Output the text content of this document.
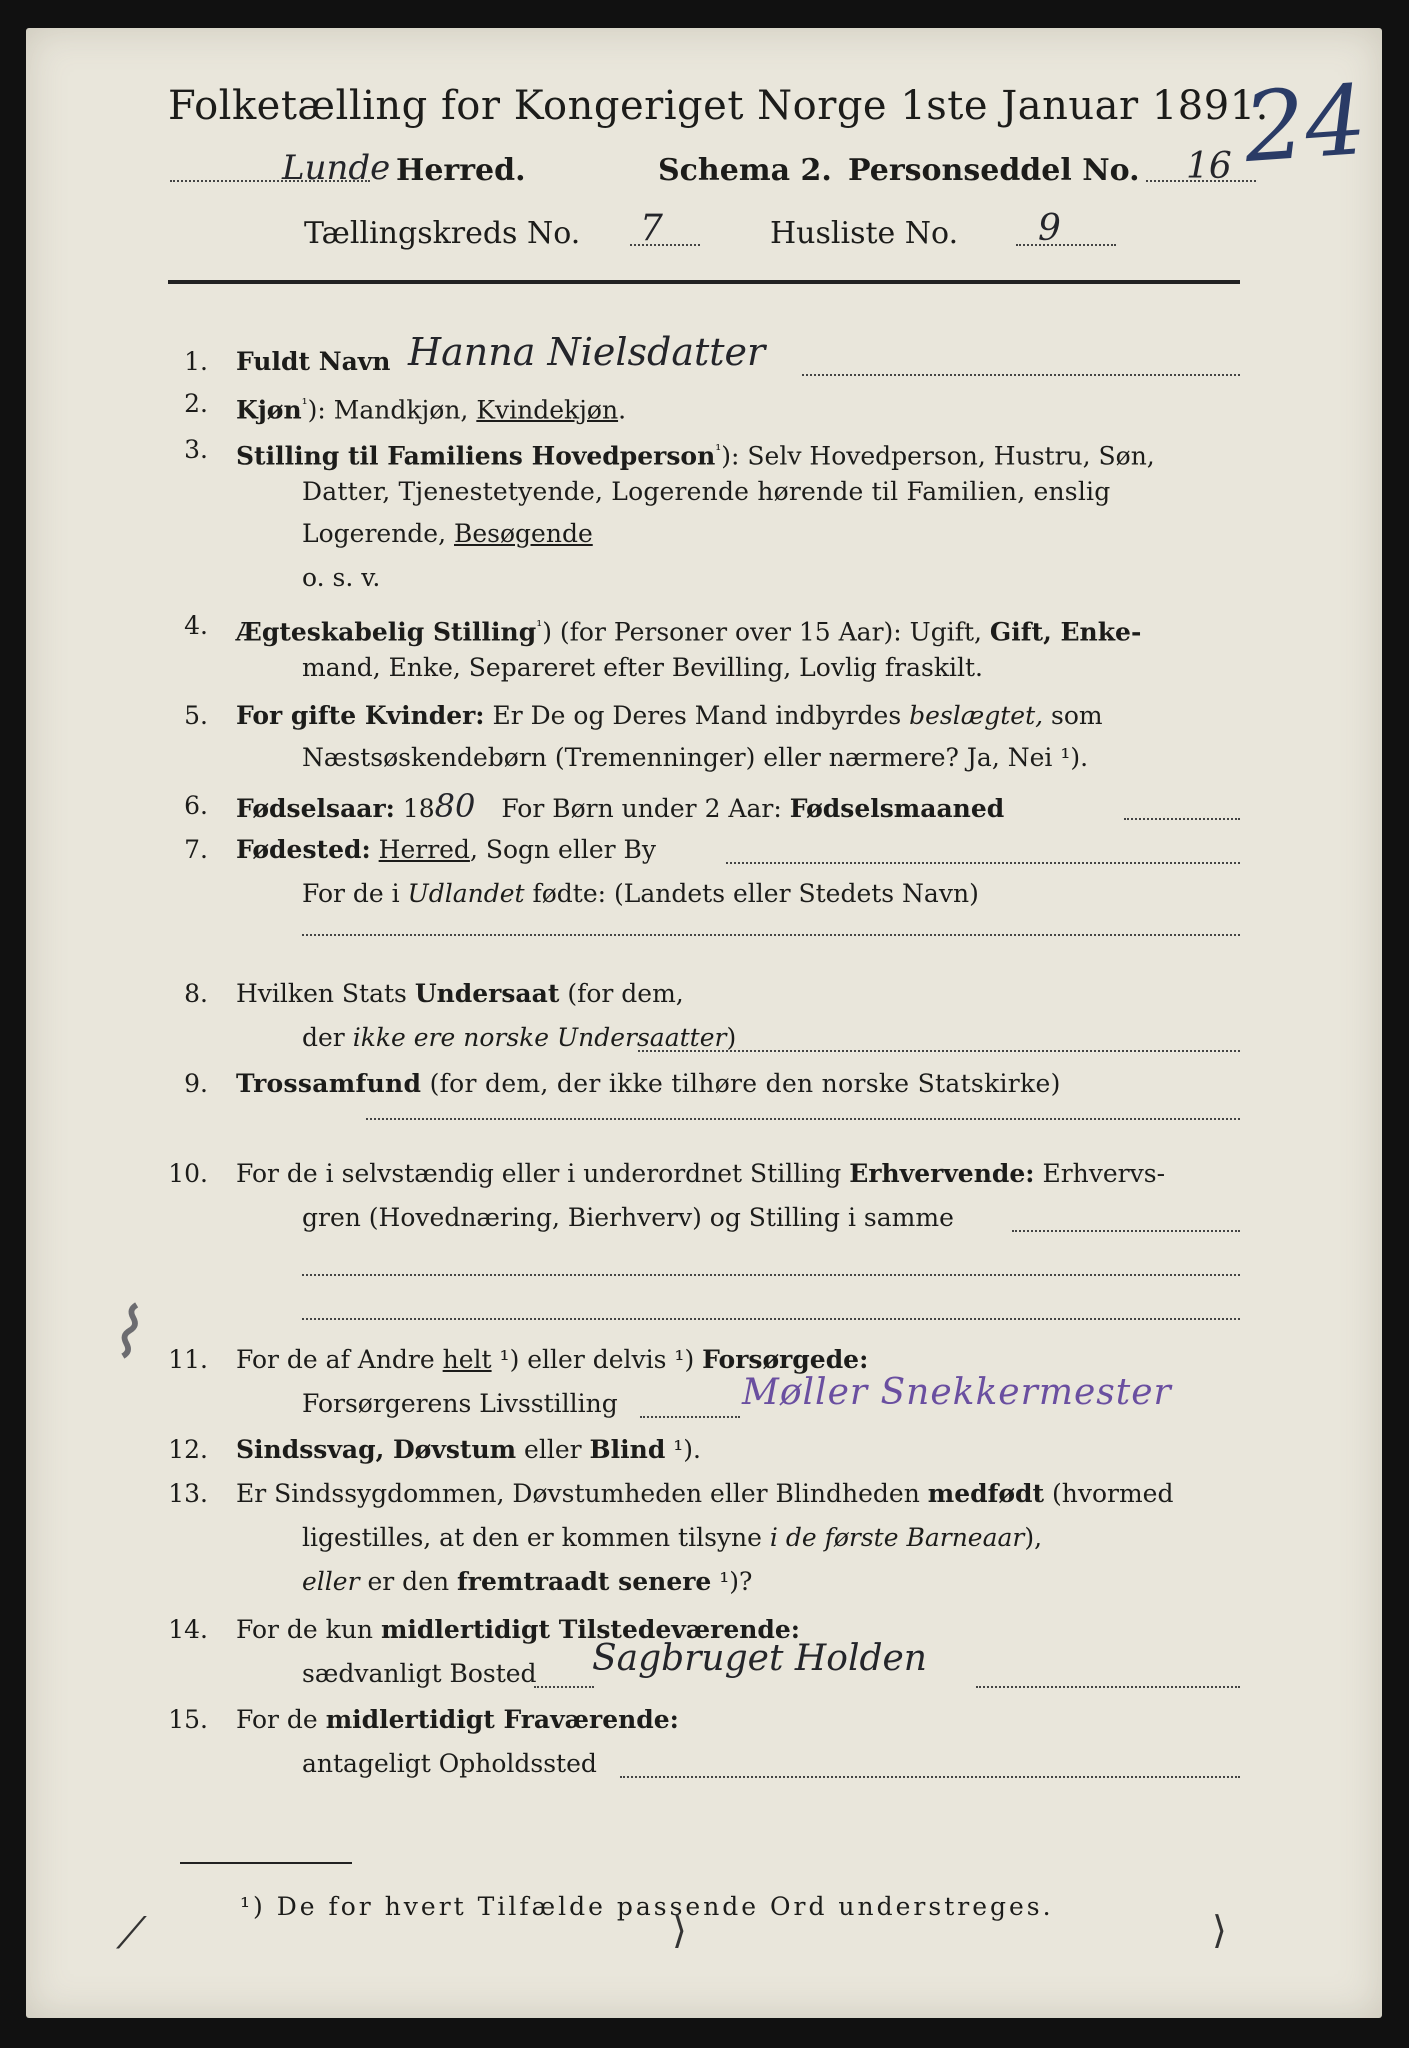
Folketælling for Kongeriget Norge 1ste Januar 1891.
24
Lunde Herred.	Schema 2. Personseddel No. 16
Tællingskreds No. 7	Husliste No. 9
1. Fuldt Navn Hanna Nielsdatter
2. Kjøn$^{^1}$): Mandkjøn, Kvindekjøn.
3. Stilling til Familiens Hovedperson$^{^1}$): Selv Hovedperson, Hustru, Søn,
Datter, Tjenestetyende, Logerende hørende til Familien, enslig
Logerende, Besøgende
o. s. v.
4. Ægteskabelig Stilling$^{^1}$) (for Personer over 15 Aar): Ugift, Gift, Enke-
mand, Enke, Separeret efter Bevilling, Lovlig fraskilt.
5. For gifte Kvinder: Er De og Deres Mand indbyrdes beslægtet, som
Næstsøskendebørn (Tremenninger) eller nærmere? Ja, Nei ¹).
6. Fødselsaar: 1880 For Børn under 2 Aar: Fødselsmaaned
7. Fødested: Herred, Sogn eller By
For de i Udlandet fødte: (Landets eller Stedets Navn)
8. Hvilken Stats Undersaat (for dem,
der ikke ere norske Undersaatter)
9. Trossamfund (for dem, der ikke tilhøre den norske Statskirke)
10. For de i selvstændig eller i underordnet Stilling Erhvervende: Erhvervs-
gren (Hovednæring, Bierhverv) og Stilling i samme
⌇ 11. For de af Andre helt ¹) eller delvis ¹) Forsørgede:
Forsørgerens Livsstilling	Møller Snekkermester
12. Sindssvag, Døvstum eller Blind ¹).
13. Er Sindssygdommen, Døvstumheden eller Blindheden medfødt (hvormed
ligestilles, at den er kommen tilsyne i de første Barneaar),
eller er den fremtraadt senere ¹)?
14. For de kun midlertidigt Tilstedeværende:
sædvanligt Bosted Sagbruget Holden
15. For de midlertidigt Fraværende:
antageligt Opholdssted
¹) De for hvert Tilfælde passende Ord understreges.
⟋	⟩	⟩
